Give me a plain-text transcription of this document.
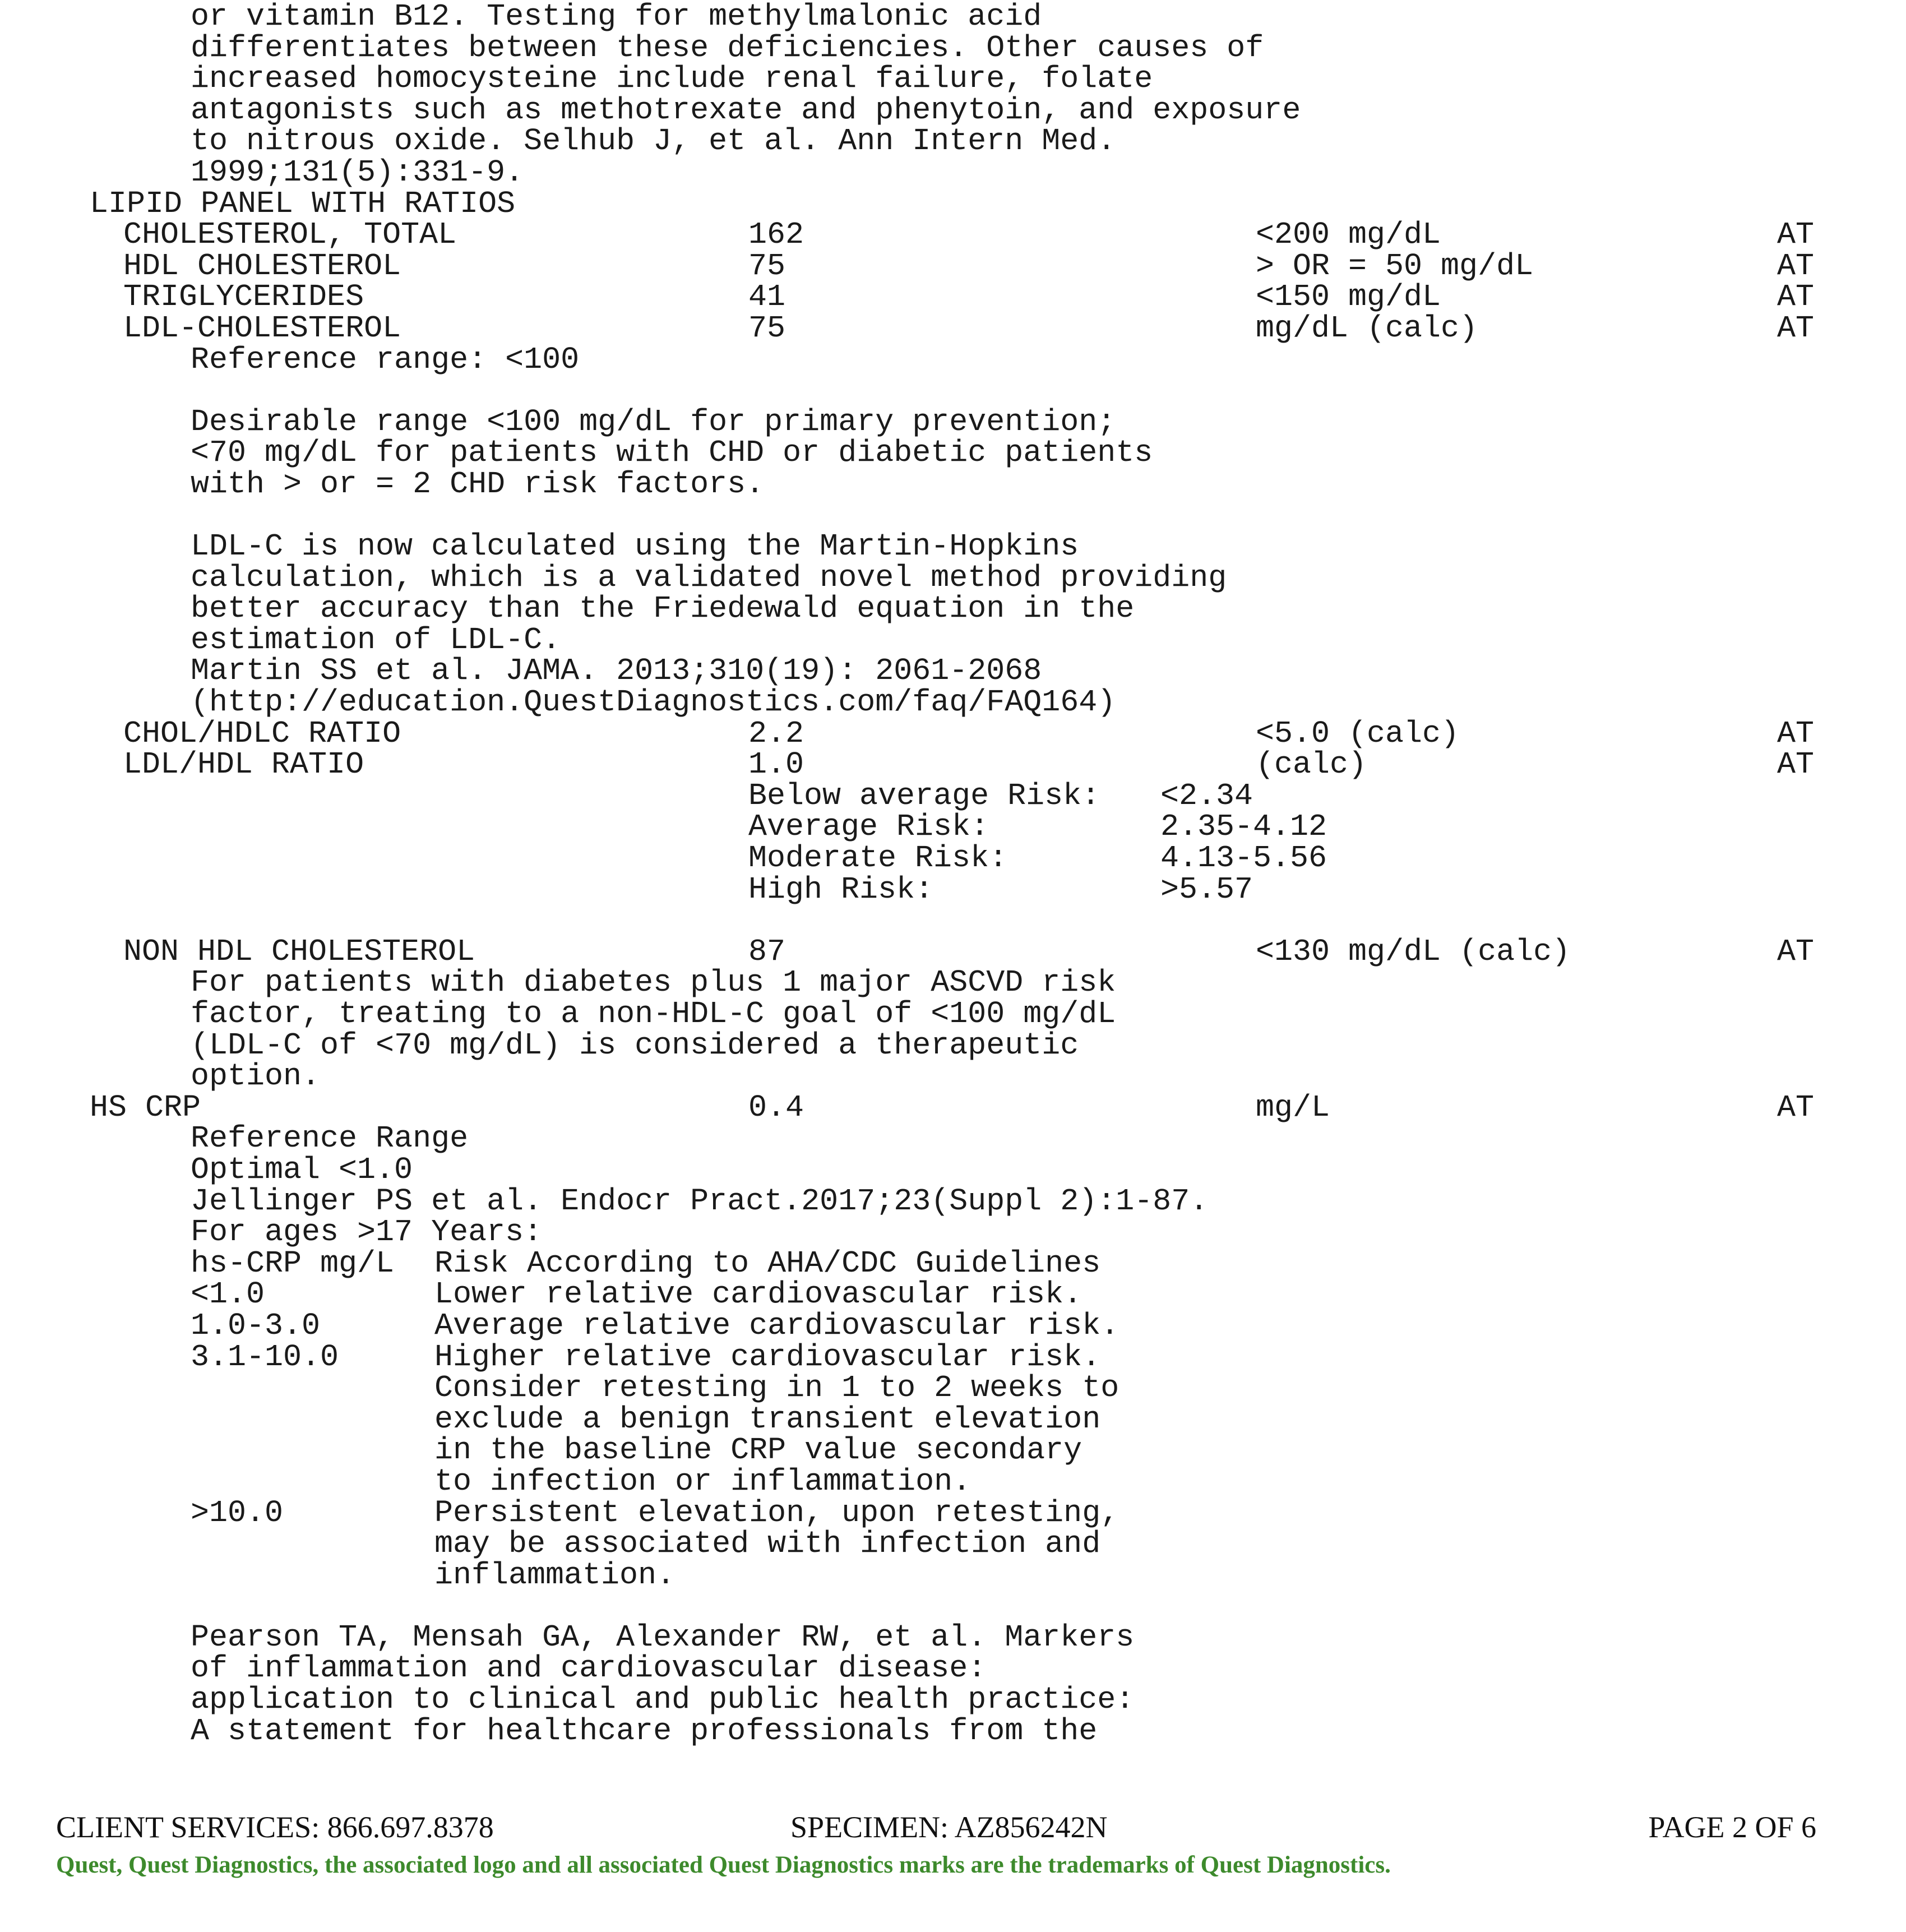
or vitamin B12. Testing for methylmalonic acid
differentiates between these deficiencies. Other causes of
increased homocysteine include renal failure, folate
antagonists such as methotrexate and phenytoin, and exposure
to nitrous oxide. Selhub J, et al. Ann Intern Med.
1999;131(5):331-9.
LIPID PANEL WITH RATIOS
CHOLESTEROL, TOTAL	162	<200 mg/dL	AT
HDL CHOLESTEROL	75	> OR = 50 mg/dL	AT
TRIGLYCERIDES	41	<150 mg/dL	AT
LDL-CHOLESTEROL	75	mg/dL (calc)	AT
Reference range: <100
Desirable range <100 mg/dL for primary prevention;
<70 mg/dL for patients with CHD or diabetic patients
with > or = 2 CHD risk factors.
LDL-C is now calculated using the Martin-Hopkins
calculation, which is a validated novel method providing
better accuracy than the Friedewald equation in the
estimation of LDL-C.
Martin SS et al. JAMA. 2013;310(19): 2061-2068
(http://education.QuestDiagnostics.com/faq/FAQ164)
CHOL/HDLC RATIO	2.2	<5.0 (calc)	AT
LDL/HDL RATIO	1.0	(calc)	AT
Below average Risk: <2.34
Average Risk:	2.35-4.12
Moderate Risk:	4.13-5.56
High Risk:	>5.57
NON HDL CHOLESTEROL	87	<130 mg/dL (calc)	AT
For patients with diabetes plus 1 major ASCVD risk
factor, treating to a non-HDL-C goal of <100 mg/dL
(LDL-C of <70 mg/dL) is considered a therapeutic
option.
HS CRP	0.4	mg/L	AT
Reference Range
Optimal <1.0
Jellinger PS et al. Endocr Pract.2017;23(Suppl 2):1-87.
For ages >17 Years:
hs-CRP mg/L Risk According to AHA/CDC Guidelines
<1.0	Lower relative cardiovascular risk.
1.0-3.0	Average relative cardiovascular risk.
3.1-10.0	Higher relative cardiovascular risk.
Consider retesting in 1 to 2 weeks to
exclude a benign transient elevation
in the baseline CRP value secondary
to infection or inflammation.
>10.0	Persistent elevation, upon retesting,
may be associated with infection and
inflammation.
Pearson TA, Mensah GA, Alexander RW, et al. Markers
of inflammation and cardiovascular disease:
application to clinical and public health practice:
A statement for healthcare professionals from the
CLIENT SERVICES: 866.697.8378	SPECIMEN: AZ856242N	PAGE 2 OF 6
Quest, Quest Diagnostics, the associated logo and all associated Quest Diagnostics marks are the trademarks of Quest Diagnostics.
